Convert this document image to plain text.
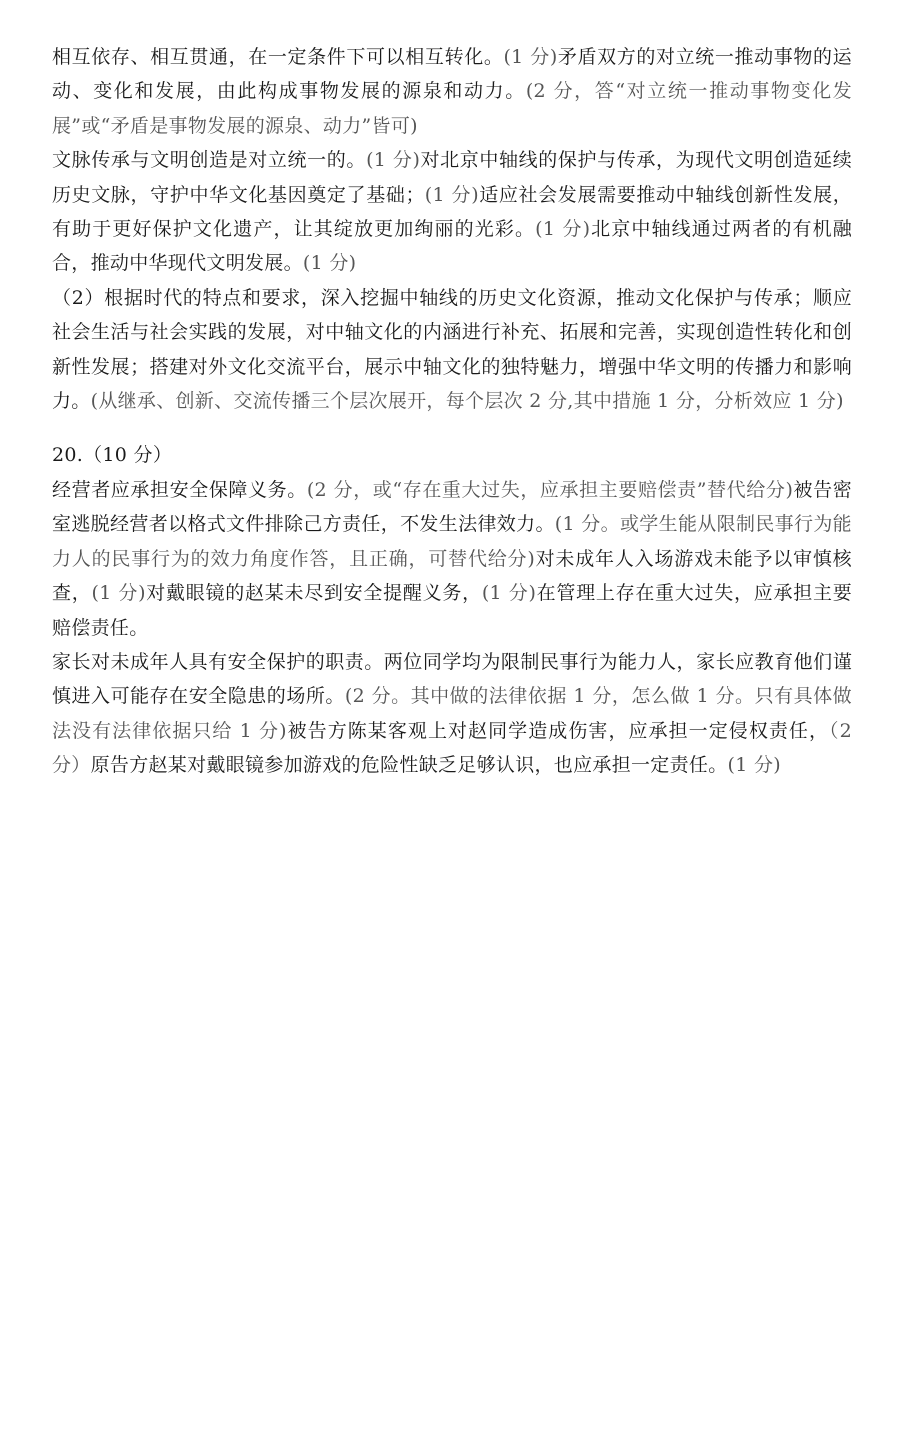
相互依存、相互贯通，在一定条件下可以相互转化。(1 分)矛盾双方的对立统一推动事物的运动、变化和发展，由此构成事物发展的源泉和动力。(2 分，答“对立统一推动事物变化发展”或“矛盾是事物发展的源泉、动力”皆可)

文脉传承与文明创造是对立统一的。(1 分)对北京中轴线的保护与传承，为现代文明创造延续历史文脉，守护中华文化基因奠定了基础；(1 分)适应社会发展需要推动中轴线创新性发展，有助于更好保护文化遗产，让其绽放更加绚丽的光彩。(1 分)北京中轴线通过两者的有机融合，推动中华现代文明发展。(1 分)

（2）根据时代的特点和要求，深入挖掘中轴线的历史文化资源，推动文化保护与传承；顺应社会生活与社会实践的发展，对中轴文化的内涵进行补充、拓展和完善，实现创造性转化和创新性发展；搭建对外文化交流平台，展示中轴文化的独特魅力，增强中华文明的传播力和影响力。(从继承、创新、交流传播三个层次展开，每个层次 2 分,其中措施 1 分，分析效应 1 分)

20.（10 分）

经营者应承担安全保障义务。(2 分，或“存在重大过失，应承担主要赔偿责”替代给分)被告密室逃脱经营者以格式文件排除己方责任，不发生法律效力。(1 分。或学生能从限制民事行为能力人的民事行为的效力角度作答，且正确，可替代给分)对未成年人入场游戏未能予以审慎核查，(1 分)对戴眼镜的赵某未尽到安全提醒义务，(1 分)在管理上存在重大过失，应承担主要赔偿责任。

家长对未成年人具有安全保护的职责。两位同学均为限制民事行为能力人，家长应教育他们谨慎进入可能存在安全隐患的场所。(2 分。其中做的法律依据 1 分，怎么做 1 分。只有具体做法没有法律依据只给 1 分)被告方陈某客观上对赵同学造成伤害，应承担一定侵权责任，（2 分）原告方赵某对戴眼镜参加游戏的危险性缺乏足够认识，也应承担一定责任。(1 分)
